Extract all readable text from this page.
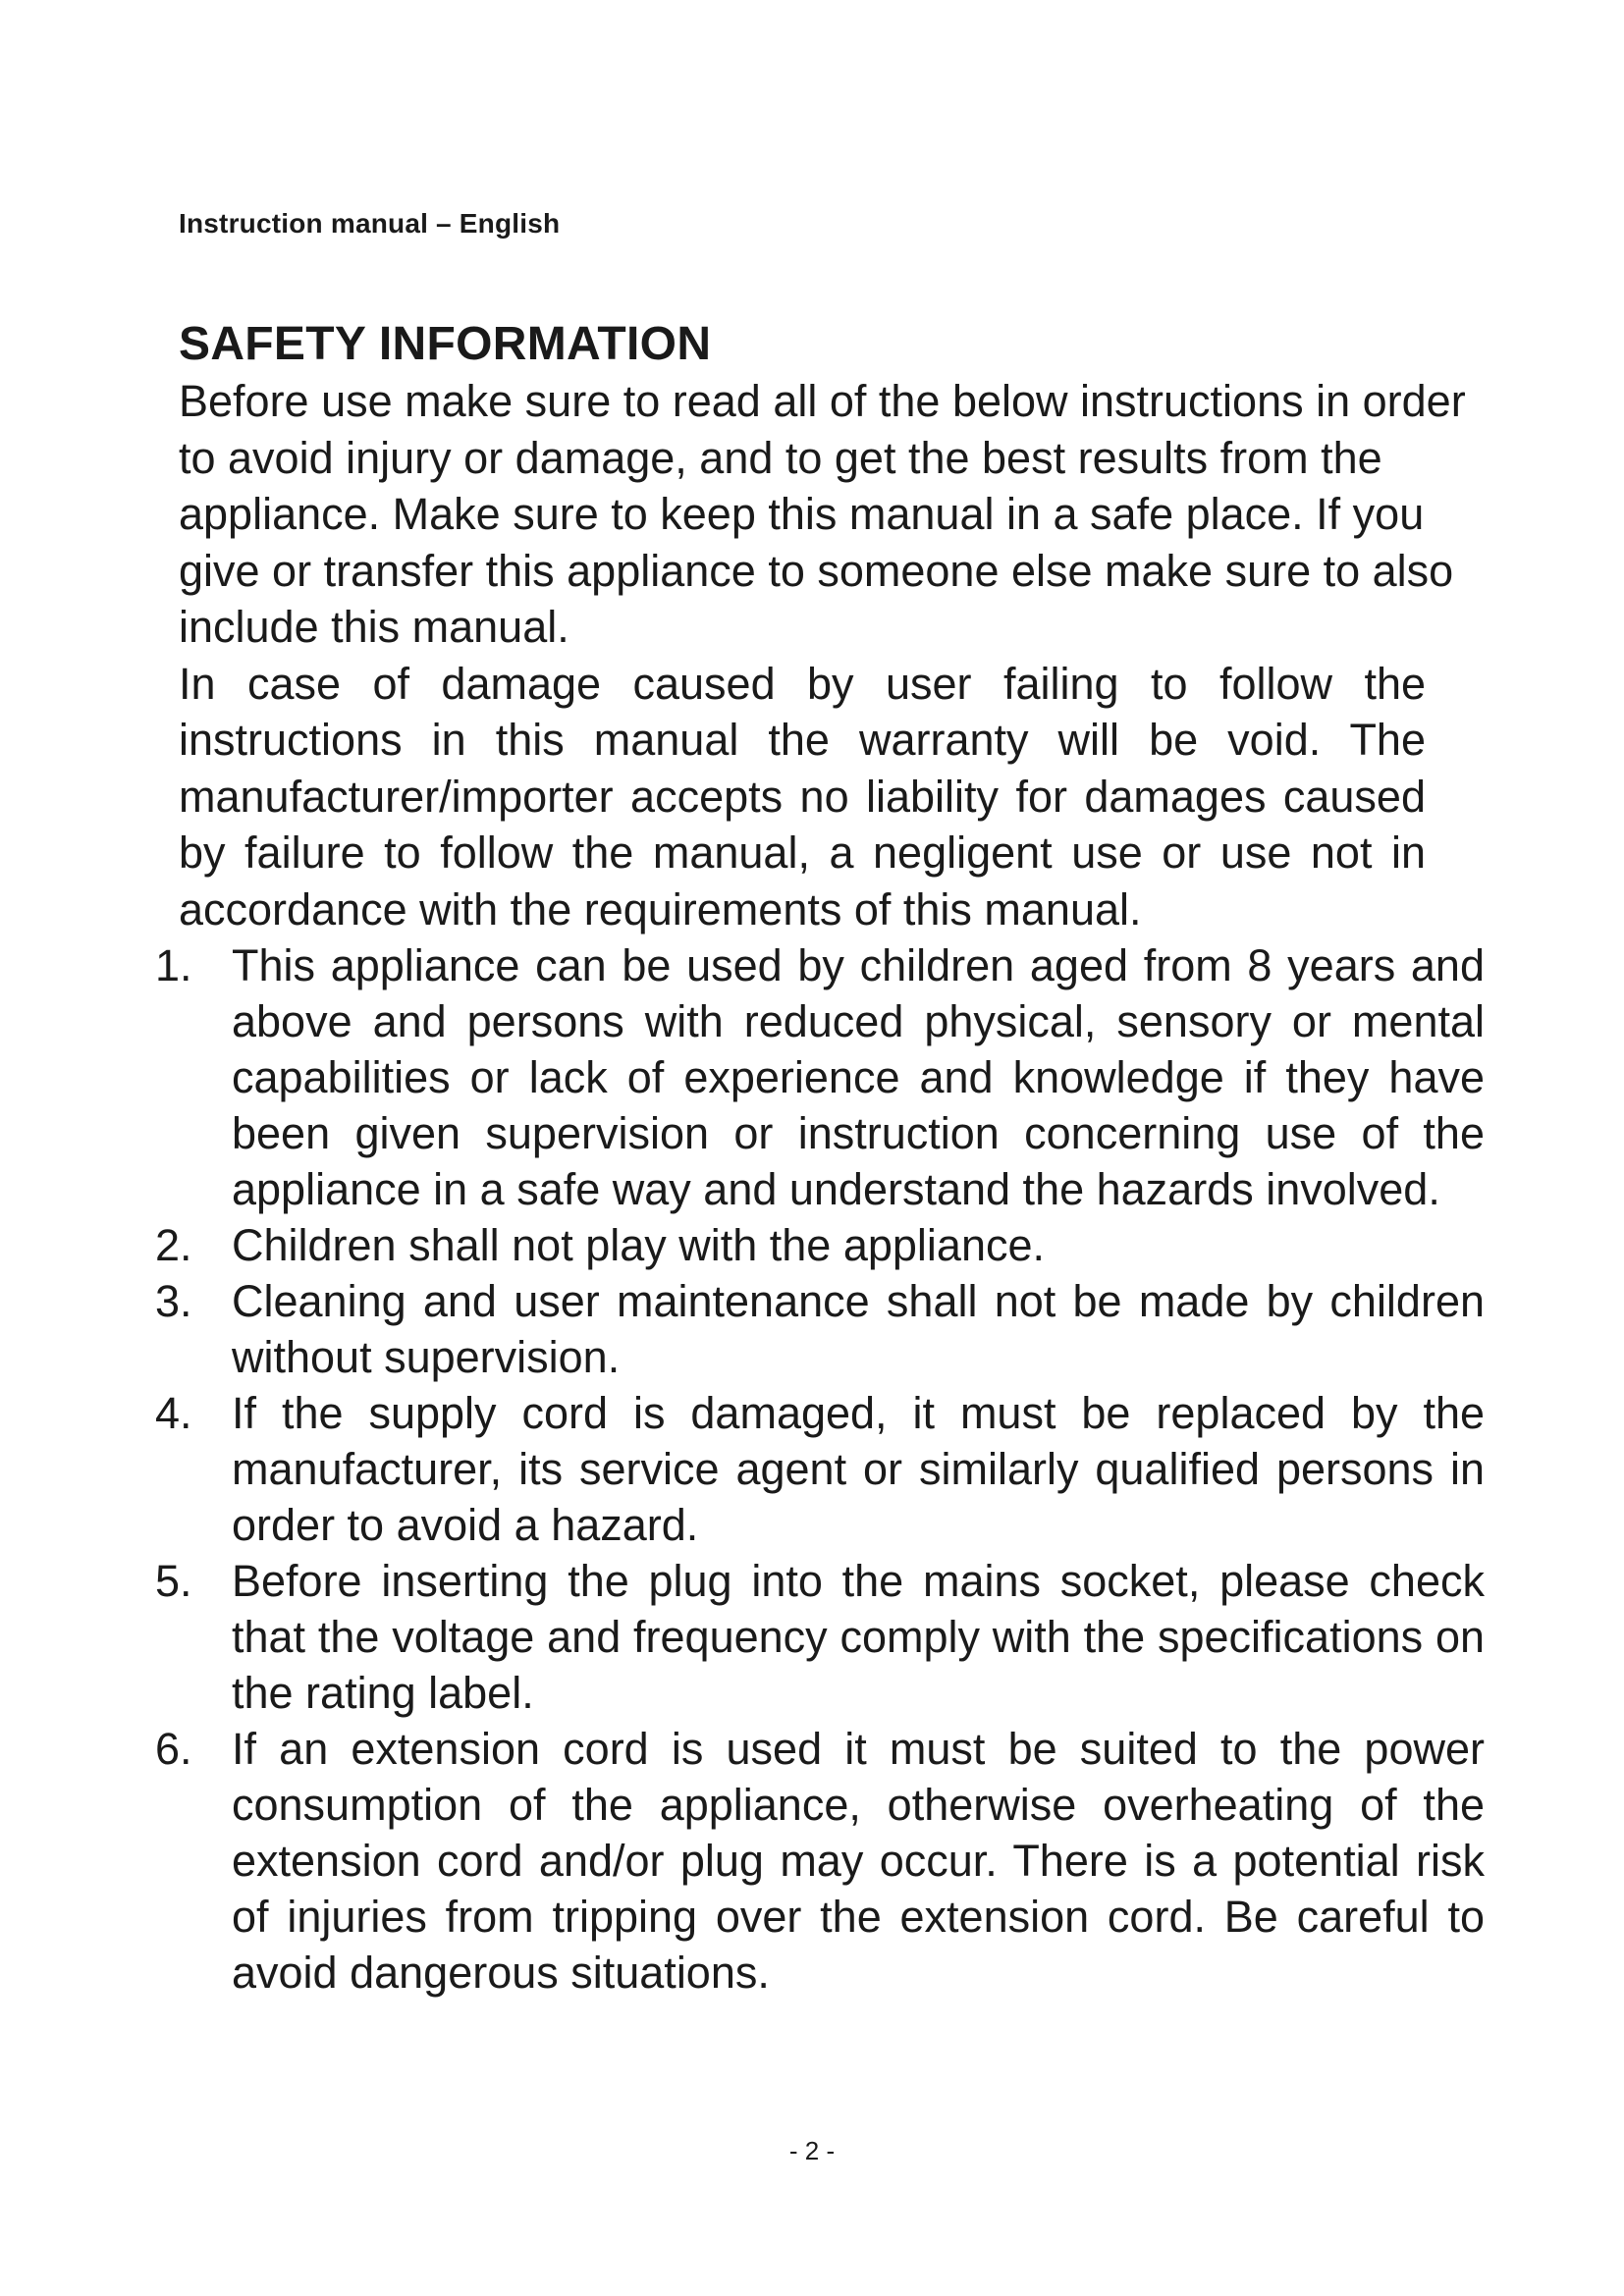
Instruction manual – English
SAFETY INFORMATION

Before use make sure to read all of the below instructions in order to avoid injury or damage, and to get the best results from the appliance. Make sure to keep this manual in a safe place. If you give or transfer this appliance to someone else make sure to also include this manual.

In case of damage caused by user failing to follow the instructions in this manual the warranty will be void. The manufacturer/importer accepts no liability for damages caused by failure to follow the manual, a negligent use or use not in accordance with the requirements of this manual.

1. This appliance can be used by children aged from 8 years and above and persons with reduced physical, sensory or mental capabilities or lack of experience and knowledge if they have been given supervision or instruction concerning use of the appliance in a safe way and understand the hazards involved.
2. Children shall not play with the appliance.
3. Cleaning and user maintenance shall not be made by children without supervision.
4. If the supply cord is damaged, it must be replaced by the manufacturer, its service agent or similarly qualified persons in order to avoid a hazard.
5. Before inserting the plug into the mains socket, please check that the voltage and frequency comply with the specifications on the rating label.
6. If an extension cord is used it must be suited to the power consumption of the appliance, otherwise overheating of the extension cord and/or plug may occur. There is a potential risk of injuries from tripping over the extension cord. Be careful to avoid dangerous situations.
- 2 -
